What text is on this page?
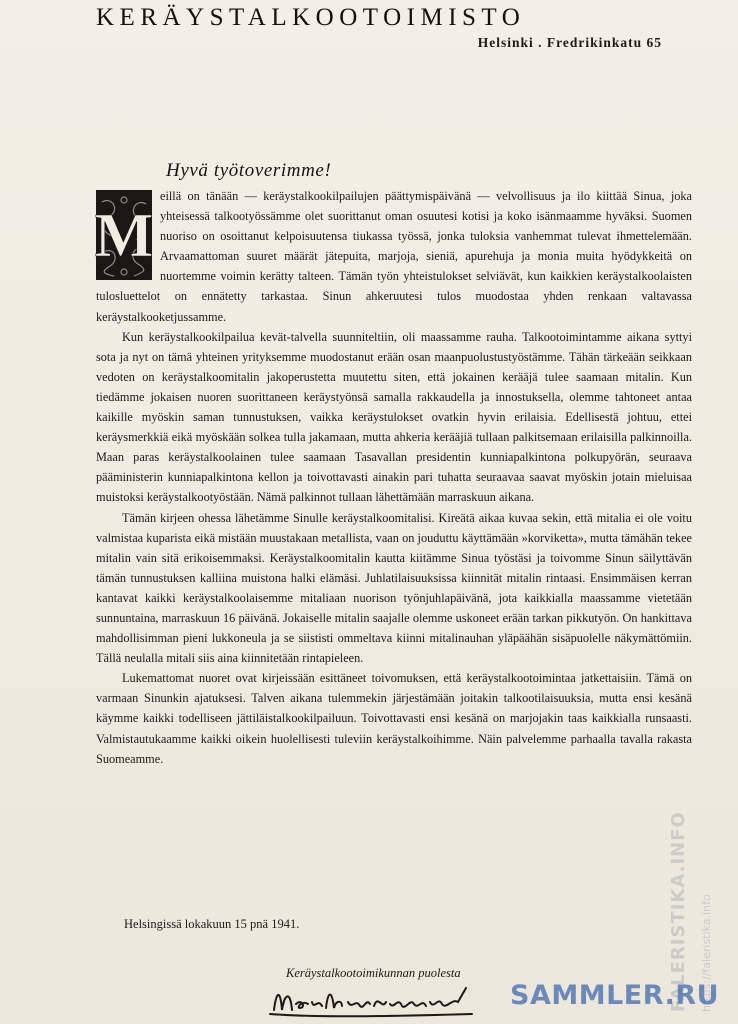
KERÄYSTALKOOTOIMISTO
Helsinki . Fredrikinkatu 65
Hyvä työtoverimme!

M
eillä on tänään — keräystalkookilpailujen päättymispäivänä — velvollisuus ja ilo kiittää Sinua, joka yhteisessä talkootyössämme olet suorittanut oman osuutesi kotisi ja koko isänmaamme hyväksi. Suomen nuoriso on osoittanut kelpoisuutensa tiukassa työssä, jonka tuloksia vanhemmat tulevat ihmettelemään. Arvaamattoman suuret määrät jätepuita, marjoja, sieniä, apurehuja ja monia muita hyödykkeitä on nuortemme voimin kerätty talteen. Tämän työn yhteistulokset selviävät, kun kaikkien keräystalkoolaisten tulosluettelot on ennätetty tarkastaa. Sinun ahkeruutesi tulos muodostaa yhden renkaan valtavassa keräystalkooketjussamme.

Kun keräystalkookilpailua kevät-talvella suunniteltiin, oli maassamme rauha. Talkootoimintamme aikana syttyi sota ja nyt on tämä yhteinen yrityksemme muodostanut erään osan maanpuolustustyöstämme. Tähän tärkeään seikkaan vedoten on keräystalkoomitalin jakoperustetta muutettu siten, että jokainen kerääjä tulee saamaan mitalin. Kun tiedämme jokaisen nuoren suorittaneen keräystyönsä samalla rakkaudella ja innostuksella, olemme tahtoneet antaa kaikille myöskin saman tunnustuksen, vaikka keräystulokset ovatkin hyvin erilaisia. Edellisestä johtuu, ettei keräysmerkkiä eikä myöskään solkea tulla jakamaan, mutta ahkeria kerääjiä tullaan palkitsemaan erilaisilla palkinnoilla. Maan paras keräystalkoolainen tulee saamaan Tasavallan presidentin kunniapalkintona polkupyörän, seuraava pääministerin kunniapalkintona kellon ja toivottavasti ainakin pari tuhatta seuraavaa saavat myöskin jotain mieluisaa muistoksi keräystalkootyöstään. Nämä palkinnot tullaan lähettämään marraskuun aikana.

Tämän kirjeen ohessa lähetämme Sinulle keräystalkoomitalisi. Kireätä aikaa kuvaa sekin, että mitalia ei ole voitu valmistaa kuparista eikä mistään muustakaan metallista, vaan on jouduttu käyttämään »korviketta», mutta tämähän tekee mitalin vain sitä erikoisemmaksi. Keräystalkoomitalin kautta kiitämme Sinua työstäsi ja toivomme Sinun säilyttävän tämän tunnustuksen kalliina muistona halki elämäsi. Juhlatilaisuuksissa kiinnität mitalin rintaasi. Ensimmäisen kerran kantavat kaikki keräystalkoolaisemme mitaliaan nuorison työnjuhlapäivänä, jota kaikkialla maassamme vietetään sunnuntaina, marraskuun 16 päivänä. Jokaiselle mitalin saajalle olemme uskoneet erään tarkan pikkutyön. On hankittava mahdollisimman pieni lukkoneula ja se siististi ommeltava kiinni mitalinauhan yläpäähän sisäpuolelle näkymättömiin. Tällä neulalla mitali siis aina kiinnitetään rintapieleen.

Lukemattomat nuoret ovat kirjeissään esittäneet toivomuksen, että keräystalkootoimintaa jatkettaisiin. Tämä on varmaan Sinunkin ajatuksesi. Talven aikana tulemmekin järjestämään joitakin talkootilaisuuksia, mutta ensi kesänä käymme kaikki todelliseen jättiläistalkookilpailuun. Toivottavasti ensi kesänä on marjojakin taas kaikkialla runsaasti. Valmistautukaamme kaikki oikein huolellisesti tuleviin keräystalkoihimme. Näin palvelemme parhaalla tavalla rakasta Suomeamme.

Helsingissä lokakuun 15 pnä 1941.
Keräystalkootoimikunnan puolesta	FALERISTIKA.INFO https://faleristika.info
SAMMLER.RU
